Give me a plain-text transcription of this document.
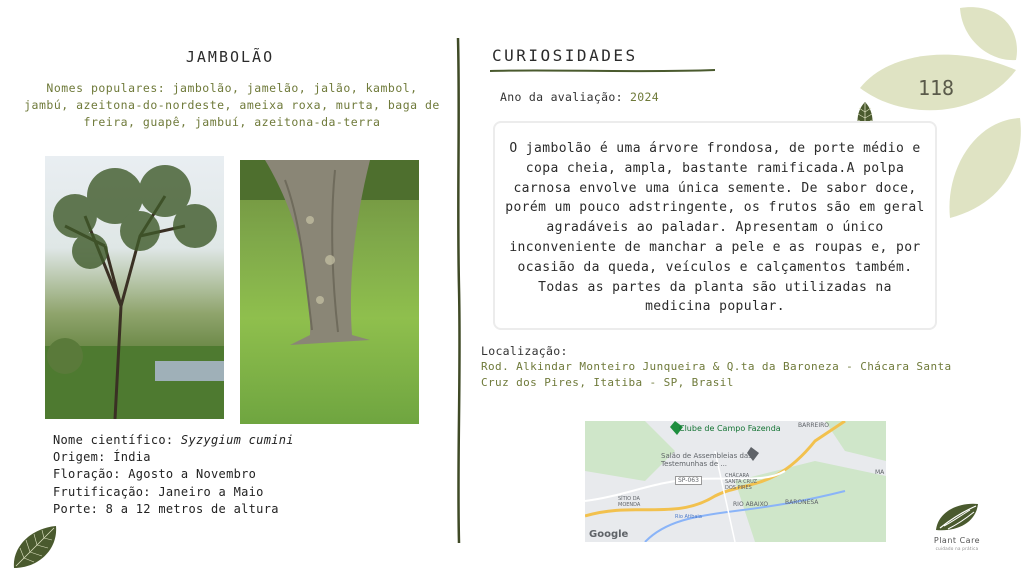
JAMBOLÃO
Nomes populares: jambolão, jamelão, jalão, kambol, jambú, azeitona-do-nordeste, ameixa roxa, murta, baga de freira, guapê, jambuí, azeitona-da-terra
Nome científico: Syzygium cumini
Origem: Índia
Floração: Agosto a Novembro
Frutificação: Janeiro a Maio
Porte: 8 a 12 metros de altura
CURIOSIDADES
Ano da avaliação: 2024
O jambolão é uma árvore frondosa, de porte médio e copa cheia, ampla, bastante ramificada.A polpa carnosa envolve uma única semente. De sabor doce, porém um pouco adstringente, os frutos são em geral agradáveis ao paladar. Apresentam o único inconveniente de manchar a pele e as roupas e, por ocasião da queda, veículos e calçamentos também. Todas as partes da planta são utilizadas na medicina popular.
Localização:
Rod. Alkindar Monteiro Junqueira & Q.ta da Baroneza - Chácara Santa Cruz dos Pires, Itatiba - SP, Brasil
Clube de Campo Fazenda
Salão de Assembleias das Testemunhas de ...
BARREIRO
SP-063
CHÁCARA SANTA CRUZ DOS PIRES
SÍTIO DA MOENDA	RIO ABAIXO	BARONESA
Rio Atibaia
MA
Google
118
Plant Care
cuidado na prática
